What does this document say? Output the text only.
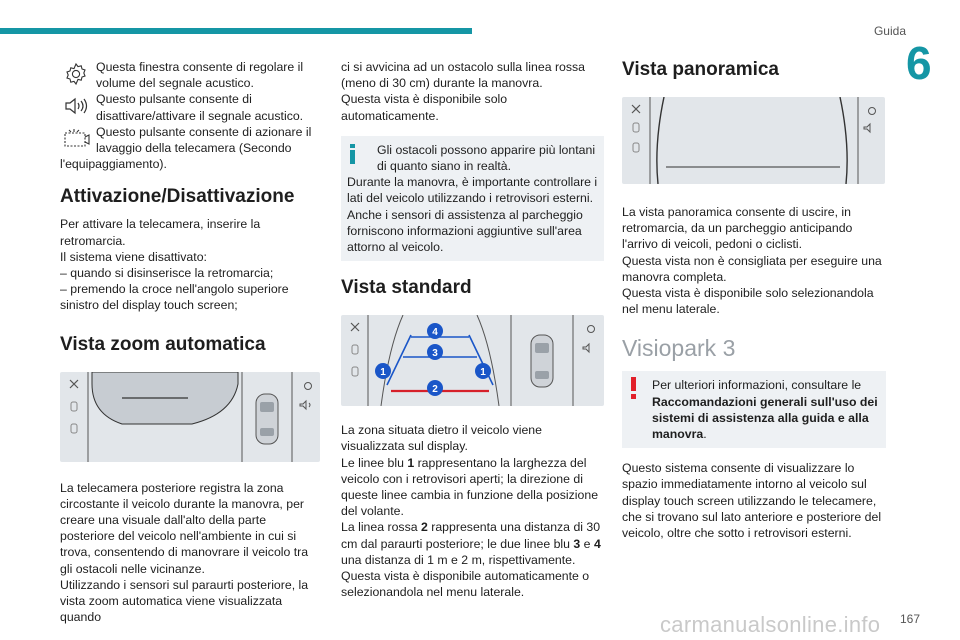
Guida
6

Questa finestra consente di regolare il volume del segnale acustico.

Questo pulsante consente di disattivare/attivare il segnale acustico.

Questo pulsante consente di azionare il lavaggio della telecamera (Secondo

l'equipaggiamento).

Attivazione/Disattivazione

Per attivare la telecamera, inserire la retromarcia.

Il sistema viene disattivato:

– quando si disinserisce la retromarcia;

– premendo la croce nell'angolo superiore sinistro del display touch screen;

Vista zoom automatica

La telecamera posteriore registra la zona circostante il veicolo durante la manovra, per creare una visuale dall'alto della parte posteriore del veicolo nell'ambiente in cui si trova, consentendo di manovrare il veicolo tra gli ostacoli nelle vicinanze.

Utilizzando i sensori sul paraurti posteriore, la vista zoom automatica viene visualizzata quando

ci si avvicina ad un ostacolo sulla linea rossa (meno di 30 cm) durante la manovra.

Questa vista è disponibile solo automaticamente.

Gli ostacoli possono apparire più lontani di quanto siano in realtà.

Durante la manovra, è importante controllare i lati del veicolo utilizzando i retrovisori esterni.

Anche i sensori di assistenza al parcheggio forniscono informazioni aggiuntive sull'area attorno al veicolo.

Vista standard
4
3
1	1
2

La zona situata dietro il veicolo viene visualizzata sul display.

Le linee blu 1 rappresentano la larghezza del veicolo con i retrovisori aperti; la direzione di queste linee cambia in funzione della posizione del volante.

La linea rossa 2 rappresenta una distanza di 30 cm dal paraurti posteriore; le due linee blu 3 e 4 una distanza di 1 m e 2 m, rispettivamente.

Questa vista è disponibile automaticamente o selezionandola nel menu laterale.

Vista panoramica

La vista panoramica consente di uscire, in retromarcia, da un parcheggio anticipando l'arrivo di veicoli, pedoni o ciclisti.

Questa vista non è consigliata per eseguire una manovra completa.

Questa vista è disponibile solo selezionandola nel menu laterale.

Visiopark 3

Per ulteriori informazioni, consultare le Raccomandazioni generali sull'uso dei sistemi di assistenza alla guida e alla manovra.

Questo sistema consente di visualizzare lo spazio immediatamente intorno al veicolo sul display touch screen utilizzando le telecamere, che si trovano sul lato anteriore e posteriore del veicolo, oltre che sotto i retrovisori esterni.

carmanualsonline.info 167
